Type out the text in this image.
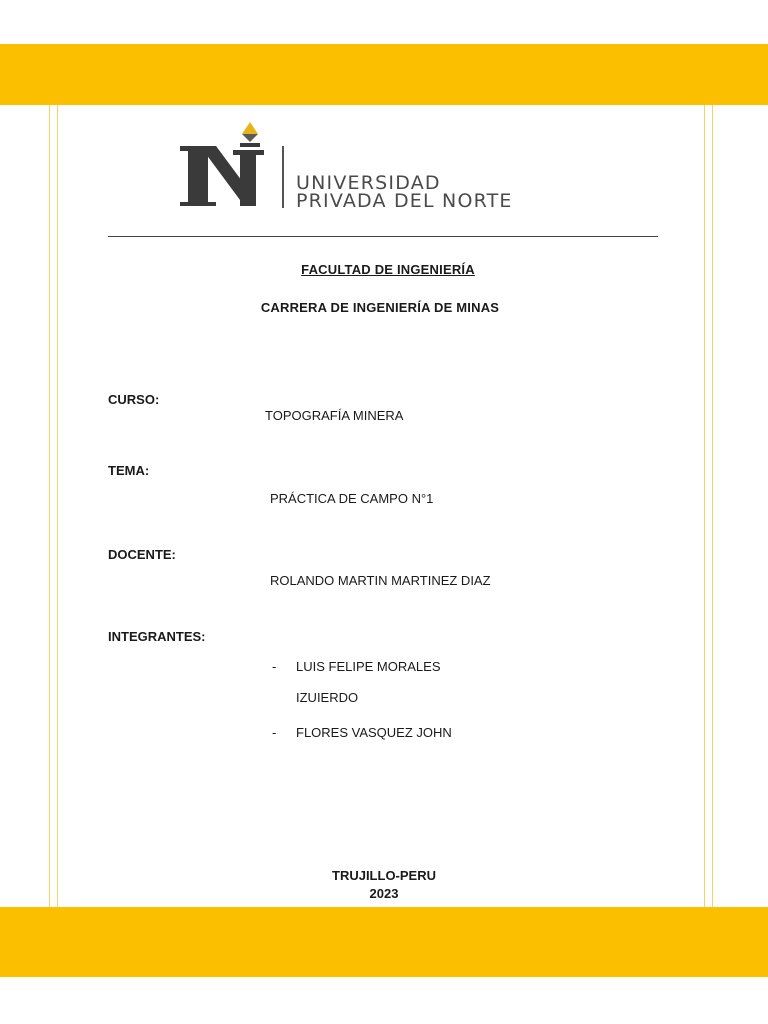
UNIVERSIDAD
PRIVADA DEL NORTE
FACULTAD DE INGENIERÍA
CARRERA DE INGENIERÍA DE MINAS
CURSO:
TOPOGRAFÍA MINERA
TEMA:
PRÁCTICA DE CAMPO N°1
DOCENTE:
ROLANDO MARTIN MARTINEZ DIAZ
INTEGRANTES:
- LUIS FELIPE MORALES
IZUIERDO
- FLORES VASQUEZ JOHN
TRUJILLO-PERU
2023
